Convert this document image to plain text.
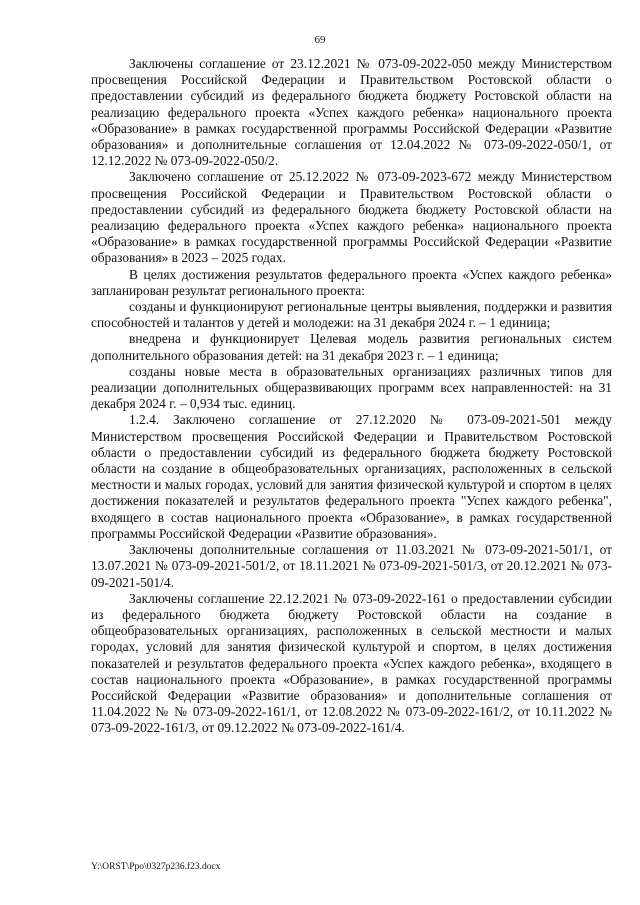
69

Заключены соглашение от 23.12.2021 № 073-09-2022-050 между Министерством просвещения Российской Федерации и Правительством Ростовской области о предоставлении субсидий из федерального бюджета бюджету Ростовской области на реализацию федерального проекта «Успех каждого ребенка» национального проекта «Образование» в рамках государственной программы Российской Федерации «Развитие образования» и дополнительные соглашения от 12.04.2022 № 073-09-2022-050/1, от 12.12.2022 № 073-09-2022-050/2.

Заключено соглашение от 25.12.2022 № 073-09-2023-672 между Министерством просвещения Российской Федерации и Правительством Ростовской области о предоставлении субсидий из федерального бюджета бюджету Ростовской области на реализацию федерального проекта «Успех каждого ребенка» национального проекта «Образование» в рамках государственной программы Российской Федерации «Развитие образования» в 2023 – 2025 годах.

В целях достижения результатов федерального проекта «Успех каждого ребенка» запланирован результат регионального проекта:

созданы и функционируют региональные центры выявления, поддержки и развития способностей и талантов у детей и молодежи: на 31 декабря 2024 г. – 1 единица;

внедрена и функционирует Целевая модель развития региональных систем дополнительного образования детей: на 31 декабря 2023 г. – 1 единица;

созданы новые места в образовательных организациях различных типов для реализации дополнительных общеразвивающих программ всех направленностей: на 31 декабря 2024 г. – 0,934 тыс. единиц.

1.2.4. Заключено соглашение от 27.12.2020 № 073-09-2021-501 между Министерством просвещения Российской Федерации и Правительством Ростовской области о предоставлении субсидий из федерального бюджета бюджету Ростовской области на создание в общеобразовательных организациях, расположенных в сельской местности и малых городах, условий для занятия физической культурой и спортом в целях достижения показателей и результатов федерального проекта "Успех каждого ребенка", входящего в состав национального проекта «Образование», в рамках государственной программы Российской Федерации «Развитие образования».

Заключены дополнительные соглашения от 11.03.2021 № 073-09-2021-501/1, от 13.07.2021 № 073-09-2021-501/2, от 18.11.2021 № 073-09-2021-501/3, от 20.12.2021 № 073-09-2021-501/4.

Заключены соглашение 22.12.2021 № 073-09-2022-161 о предоставлении субсидии из федерального бюджета бюджету Ростовской области на создание в общеобразовательных организациях, расположенных в сельской местности и малых городах, условий для занятия физической культурой и спортом, в целях достижения показателей и результатов федерального проекта «Успех каждого ребенка», входящего в состав национального проекта «Образование», в рамках государственной программы Российской Федерации «Развитие образования» и дополнительные соглашения от 11.04.2022 № № 073-09-2022-161/1, от 12.08.2022 № 073-09-2022-161/2, от 10.11.2022 № 073-09-2022-161/3, от 09.12.2022 № 073-09-2022-161/4.

Y:\ORST\Ppo\0327p236.f23.docx
